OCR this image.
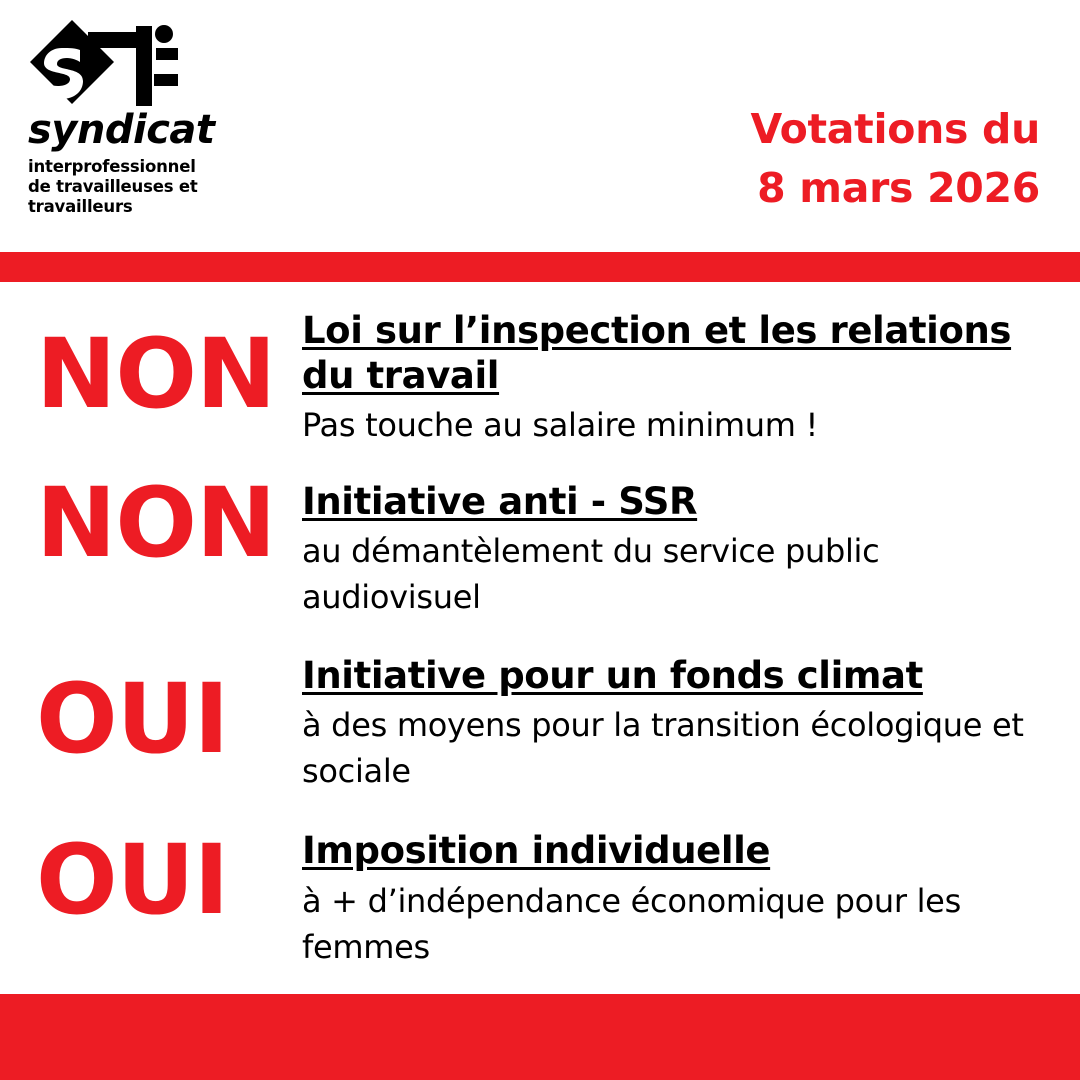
syndicat
interprofessionnel
de travailleuses et
travailleurs
Votations du
8 mars 2026
NON Loi sur l’inspection et les relations du travail
Pas touche au salaire minimum !
NON Initiative anti - SSR
au démantèlement du service public audiovisuel
OUI	Initiative pour un fonds climat
à des moyens pour la transition écologique et sociale
OUI	Imposition individuelle
à + d’indépendance économique pour les femmes
